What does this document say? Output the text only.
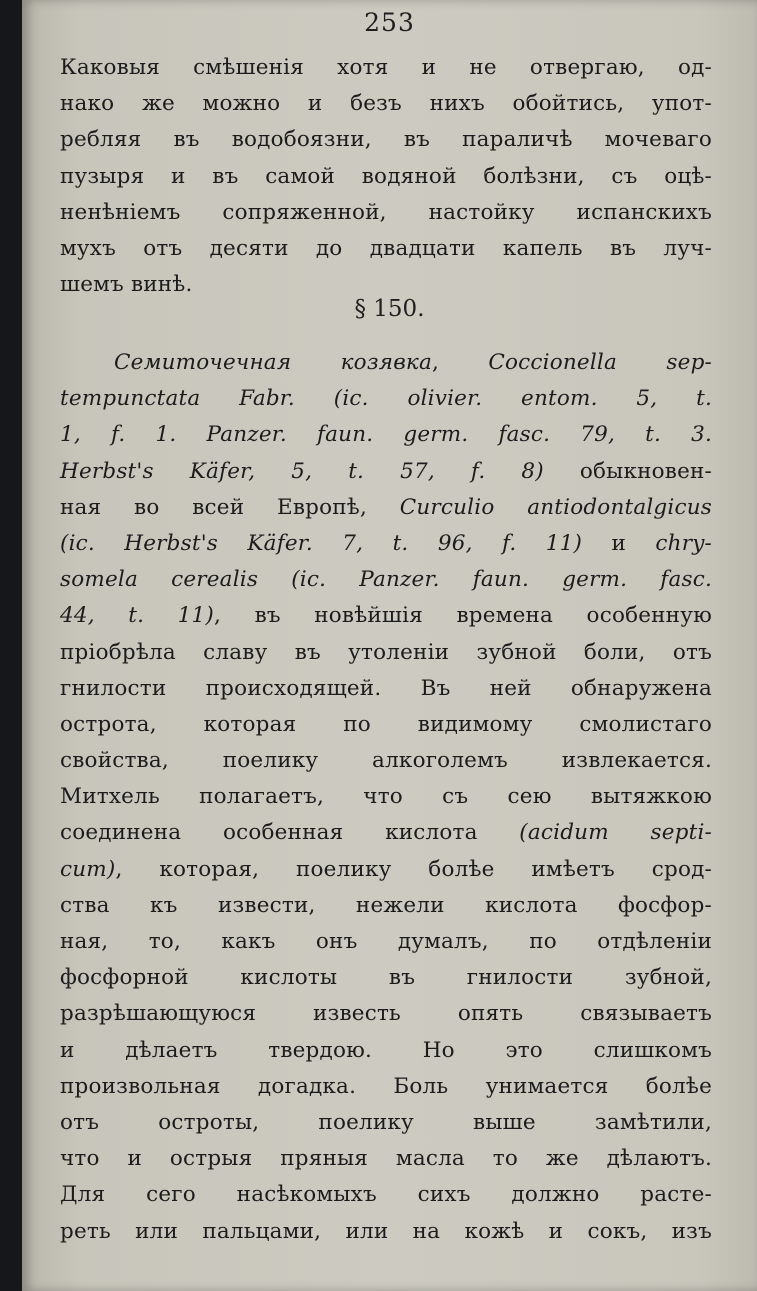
253
Каковыя смѣшенія хотя и не отвергаю, од-
нако же можно и безъ нихъ обойтись, упот-
ребляя въ водобоязни, въ параличѣ мочеваго
пузыря и въ самой водяной болѣзни, съ оцѣ-
ненѣніемъ сопряженной, настойку испанскихъ
мухъ отъ десяти до двадцати капель въ луч-
шемъ винѣ.
§ 150.
Семиточечная козявка, Coccionella sep-
tempunctata Fabr. (ic. olivier. entom. 5, t.
1, f. 1. Panzer. faun. germ. fasc. 79, t. 3.
Herbst's Käfer, 5, t. 57, f. 8) обыкновен-
ная во всей Европѣ, Curculio antiodontalgicus
(ic. Herbst's Käfer. 7, t. 96, f. 11) и chry-
somela cerealis (ic. Panzer. faun. germ. fasc.
44, t. 11), въ новѣйшія времена особенную
пріобрѣла славу въ утоленіи зубной боли, отъ
гнилости происходящей. Въ ней обнаружена
острота, которая по видимому смолистаго
свойства, поелику алкоголемъ извлекается.
Митхель полагаетъ, что съ сею вытяжкою
соединена особенная кислота (acidum septi-
cum), которая, поелику болѣе имѣетъ срод-
ства къ извести, нежели кислота фосфор-
ная, то, какъ онъ думалъ, по отдѣленіи
фосфорной кислоты въ гнилости зубной,
разрѣшающуюся известь опять связываетъ
и дѣлаетъ твердою. Но это слишкомъ
произвольная догадка. Боль унимается болѣе
отъ остроты, поелику выше замѣтили,
что и острыя пряныя масла то же дѣлаютъ.
Для сего насѣкомыхъ сихъ должно растe-
реть или пальцами, или на кожѣ и сокъ, изъ
